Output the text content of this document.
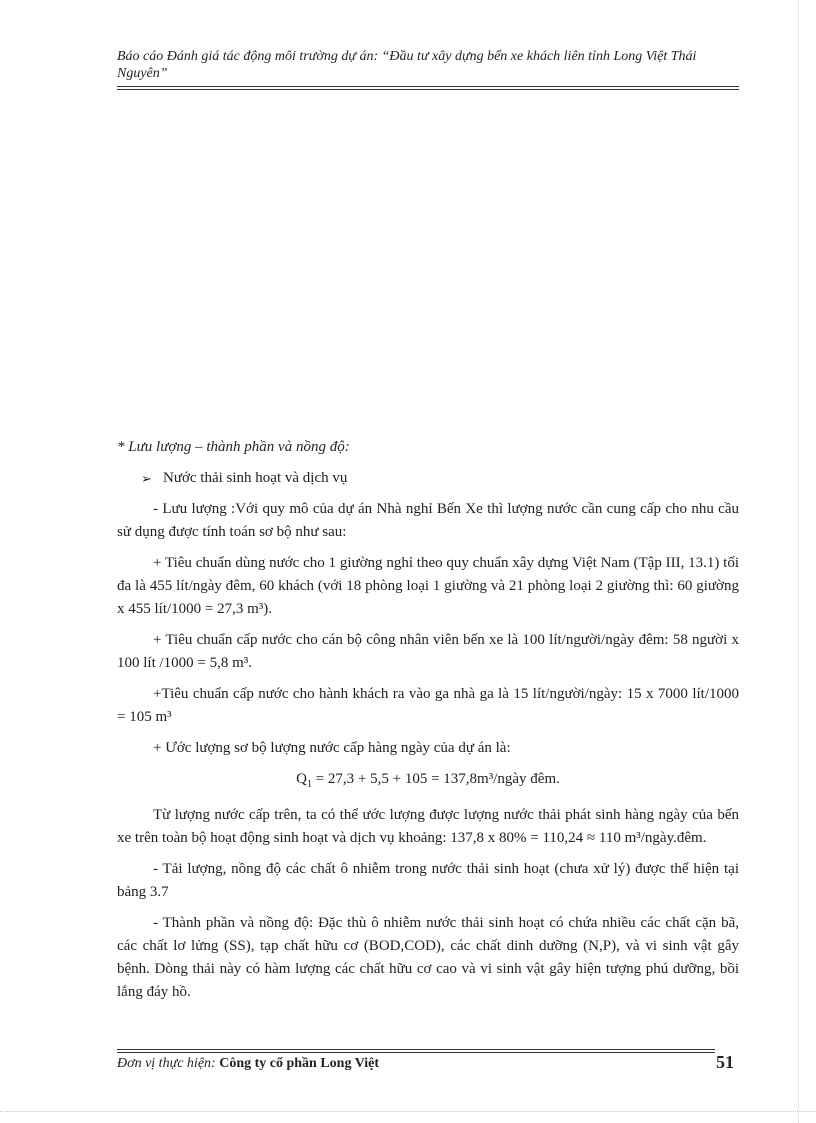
Báo cáo Đánh giá tác động môi trường dự án: “Đầu tư xây dựng bến xe khách liên tỉnh Long Việt Thái Nguyên”

* Lưu lượng – thành phần và nồng độ:

➢ Nước thải sinh hoạt và dịch vụ

- Lưu lượng :Với quy mô của dự án Nhà nghỉ Bến Xe thì lượng nước cần cung cấp cho nhu cầu sử dụng được tính toán sơ bộ như sau:

+ Tiêu chuẩn dùng nước cho 1 giường nghỉ theo quy chuẩn xây dựng Việt Nam (Tập III, 13.1) tối đa là 455 lít/ngày đêm, 60 khách (với 18 phòng loại 1 giường và 21 phòng loại 2 giường thì: 60 giường x 455 lít/1000 = 27,3 m³).

+ Tiêu chuẩn cấp nước cho cán bộ công nhân viên bến xe là 100 lít/người/ngày đêm: 58 người x 100 lít /1000 = 5,8 m³.

+Tiêu chuẩn cấp nước cho hành khách ra vào ga nhà ga là 15 lít/người/ngày: 15 x 7000 lít/1000 = 105 m³

+ Ước lượng sơ bộ lượng nước cấp hàng ngày của dự án là:

$Q_1 = 27,3 + 5,5 + 105$ = 137,8m³/ngày đêm.

Từ lượng nước cấp trên, ta có thể ước lượng được lượng nước thải phát sinh hàng ngày của bến xe trên toàn bộ hoạt động sinh hoạt và dịch vụ khoảng: 137,8 x 80% = 110,24 ≈ 110 m³/ngày.đêm.

- Tải lượng, nồng độ các chất ô nhiễm trong nước thải sinh hoạt (chưa xử lý) được thể hiện tại bảng 3.7

- Thành phần và nồng độ: Đặc thù ô nhiễm nước thải sinh hoạt có chứa nhiều các chất cặn bã, các chất lơ lửng (SS), tạp chất hữu cơ (BOD,COD), các chất dinh dưỡng (N,P), và vi sinh vật gây bệnh. Dòng thải này có hàm lượng các chất hữu cơ cao và vi sinh vật gây hiện tượng phú dưỡng, bồi lắng đáy hồ.

Đơn vị thực hiện: Công ty cổ phần Long Việt	51
